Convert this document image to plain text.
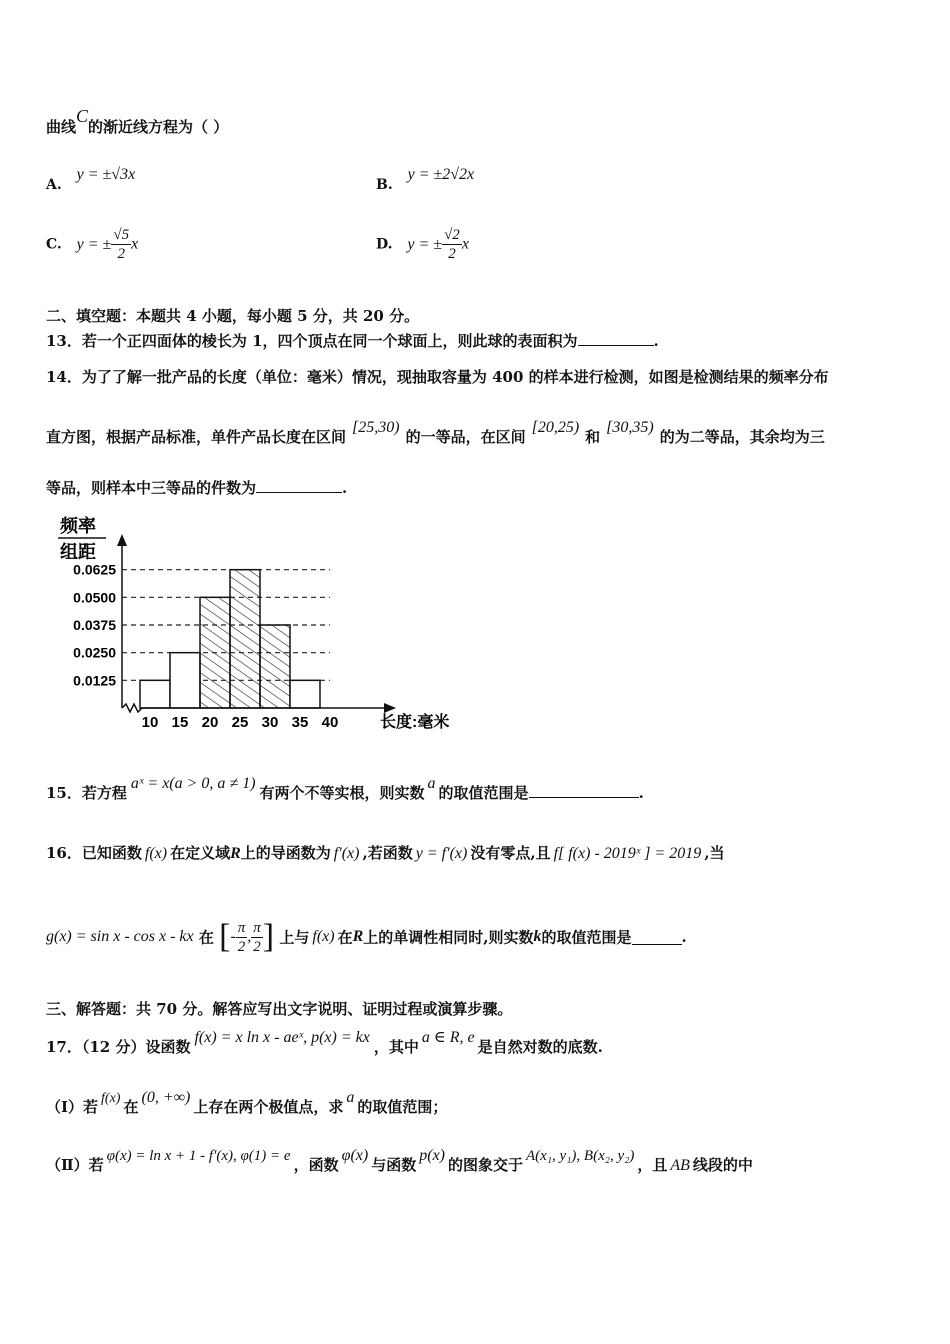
曲线C的渐近线方程为（ ）
A. y = ±√3x
B. y = ±2√2x
C. y = ± $\frac{√5}{2}$ x	D. y = ± $\frac{√2}{2}$ x
二、填空题：本题共 4 小题，每小题 5 分，共 20 分。
13．若一个正四面体的棱长为 1，四个顶点在同一个球面上，则此球的表面积为	.
14．为了了解一批产品的长度（单位：毫米）情况，现抽取容量为 400 的样本进行检测，如图是检测结果的频率分布
直方图，根据产品标准，单件产品长度在区间[25,30)的一等品，在区间[20,25)和[30,35)的为二等品，其余均为三
等品，则样本中三等品的件数为	.
频率
组距
0.0625
0.0500
0.0375
0.0250
0.0125
10 15 20 25 30 35 40	长度:毫米
15．若方程aˣ = x(a > 0, a ≠ 1)有两个不等实根，则实数a的取值范围是	.
16．已知函数 f(x) 在定义域R上的导函数为 f′(x) ,若函数 y = f′(x) 没有零点,且 f[ f(x) - 2019ˣ ] = 2019 ,当
g(x) = sin x - cos x - kx 在 [- $\frac{\pi}{2}$ , $\frac{\pi}{2}$ ] 上与 f(x) 在R上的单调性相同时,则实数k的取值范围是	.
三、解答题：共 70 分。解答应写出文字说明、证明过程或演算步骤。
17．（12 分）设函数f(x) = x ln x - aeˣ, p(x) = kx，其中a ∈ R, e是自然对数的底数.
（Ⅰ）若 f(x) 在(0, +∞)上存在两个极值点，求a的取值范围；
（Ⅱ）若 φ(x) = ln x + 1 - f′(x), φ(1) = e ，函数φ(x)与函数p(x)的图象交于 A(x₁, y₁), B(x₂, y₂) ，且 AB 线段的中
